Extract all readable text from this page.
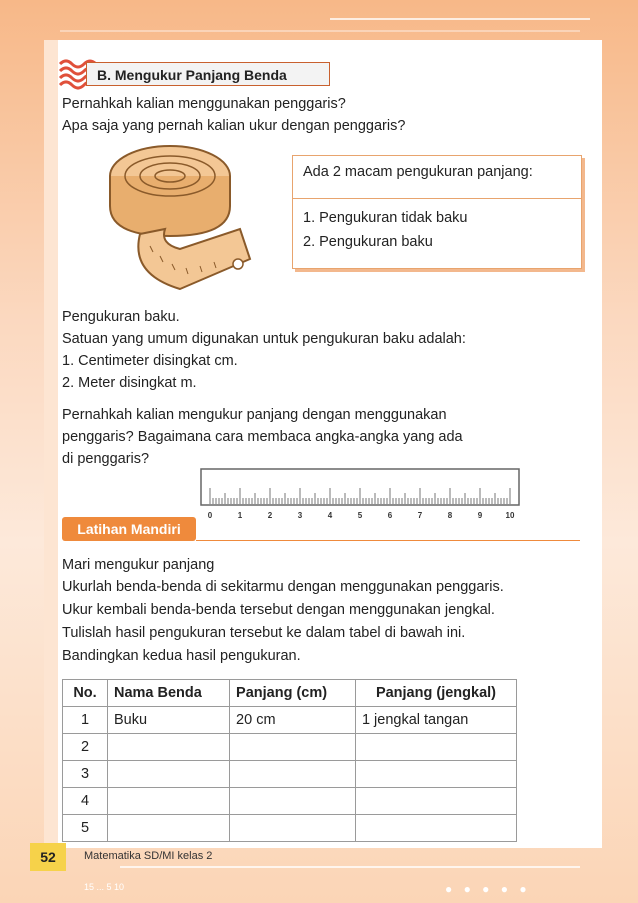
B. Mengukur Panjang Benda
Pernahkah kalian menggunakan penggaris?
Apa saja yang pernah kalian ukur dengan penggaris?
Ada 2 macam pengukuran panjang:
1. Pengukuran tidak baku
2. Pengukuran baku
Pengukuran baku.
Satuan yang umum digunakan untuk pengukuran baku adalah:
1. Centimeter disingkat cm.
2. Meter disingkat m.
Pernahkah kalian mengukur panjang dengan menggunakan
penggaris? Bagaimana cara membaca angka-angka yang ada
di penggaris?
0	1	2	3	4	5	6	7	8	9	10
Latihan Mandiri
Mari mengukur panjang
Ukurlah benda-benda di sekitarmu dengan menggunakan penggaris.
Ukur kembali benda-benda tersebut dengan menggunakan jengkal.
Tulislah hasil pengukuran tersebut ke dalam tabel di bawah ini.
Bandingkan kedua hasil pengukuran.
No.	Nama Benda	Panjang (cm)	Panjang (jengkal)
1	Buku	20 cm	1 jengkal tangan
2			
3			
4			
5			
52	Matematika SD/MI kelas 2
15 ... 5 10	● ● ● ● ●
